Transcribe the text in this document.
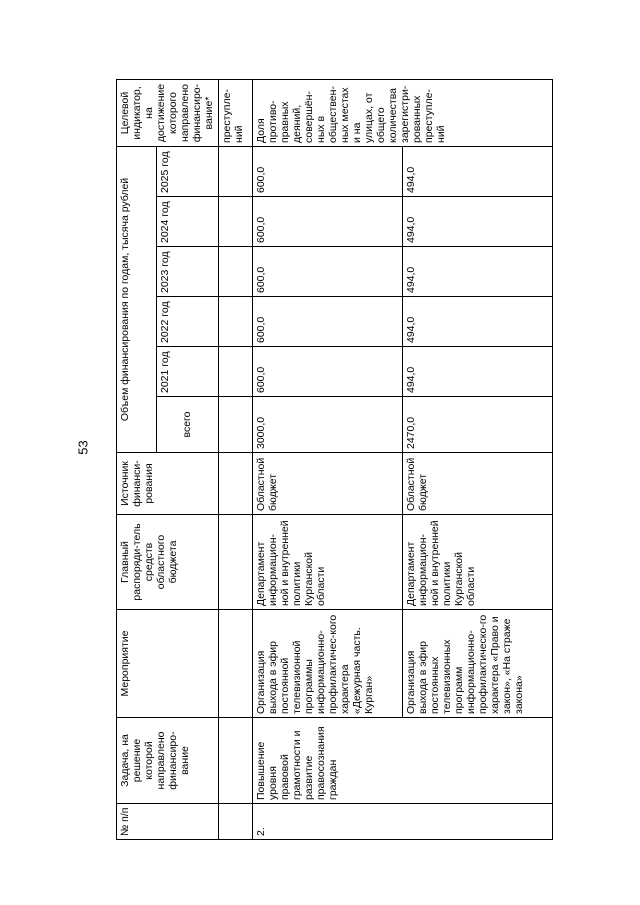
53
№ п/п	Задача, на решение которой направлено финансиро-вание	Мероприятие	Главный распоряди-тель средств областного бюджета	Источник финанси-рования	Объем финансирования по годам, тысяча рублей						Целевой индикатор, на достижение которого направлено финансиро-вание*
					всего	2021 год	2022 год	2023 год	2024 год	2025 год	
											преступле-ний
2.	Повышение уровня правовой грамотности и развитие правосознания граждан	Организация выхода в эфир постоянной телевизионной программы информационно-профилактичес-кого характера «Дежурная часть. Курган»	Департамент информацион-ной и внутренней политики Курганской области	Областной бюджет	3000,0	600,0	600,0	600,0	600,0	600,0	Доля противо-правных деяний, совершён-ных в обществен-ных местах и на улицах, от общего количества зарегистри-рованных преступле-ний
		Организация выхода в эфир постоянных телевизионных программ информационно-профилактическо-го характера «Право и закон», «На страже закона»	Департамент информацион-ной и внутренней политики Курганской области	Областной бюджет	2470,0	494,0	494,0	494,0	494,0	494,0	
